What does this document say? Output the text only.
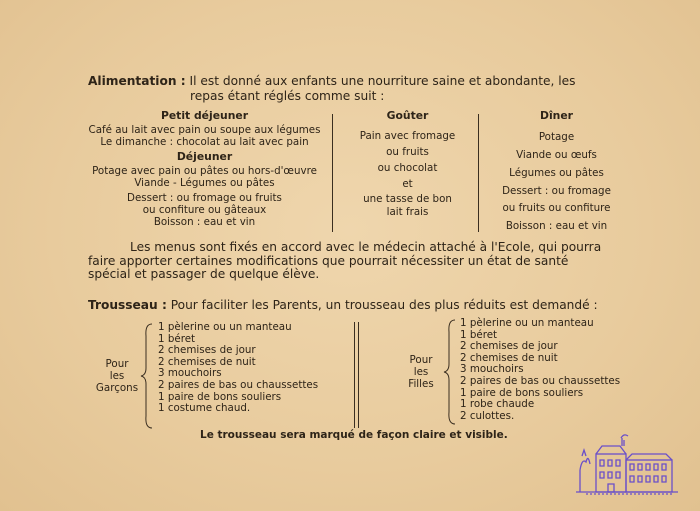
Alimentation : Il est donné aux enfants une nourriture saine et abondante, les
repas étant réglés comme suit :
Petit déjeuner
Café au lait avec pain ou soupe aux légumes
Le dimanche : chocolat au lait avec pain
Déjeuner
Potage avec pain ou pâtes ou hors-d'œuvre
Viande - Légumes ou pâtes
Dessert : ou fromage ou fruits
ou confiture ou gâteaux
Boisson : eau et vin
Goûter
Pain avec fromage
ou fruits
ou chocolat
et
une tasse de bon
lait frais
Dîner
Potage
Viande ou œufs
Légumes ou pâtes
Dessert : ou fromage
ou fruits ou confiture
Boisson : eau et vin
Les menus sont fixés en accord avec le médecin attaché à l'Ecole, qui pourra
faire apporter certaines modifications que pourrait nécessiter un état de santé
spécial et passager de quelque élève.
Trousseau : Pour faciliter les Parents, un trousseau des plus réduits est demandé :
Pour
les
Garçons
1 pèlerine ou un manteau
1 béret
2 chemises de jour
2 chemises de nuit
3 mouchoirs
2 paires de bas ou chaussettes
1 paire de bons souliers
1 costume chaud.
Pour
les
Filles
1 pèlerine ou un manteau
1 béret
2 chemises de jour
2 chemises de nuit
3 mouchoirs
2 paires de bas ou chaussettes
1 paire de bons souliers
1 robe chaude
2 culottes.
Le trousseau sera marqué de façon claire et visible.
